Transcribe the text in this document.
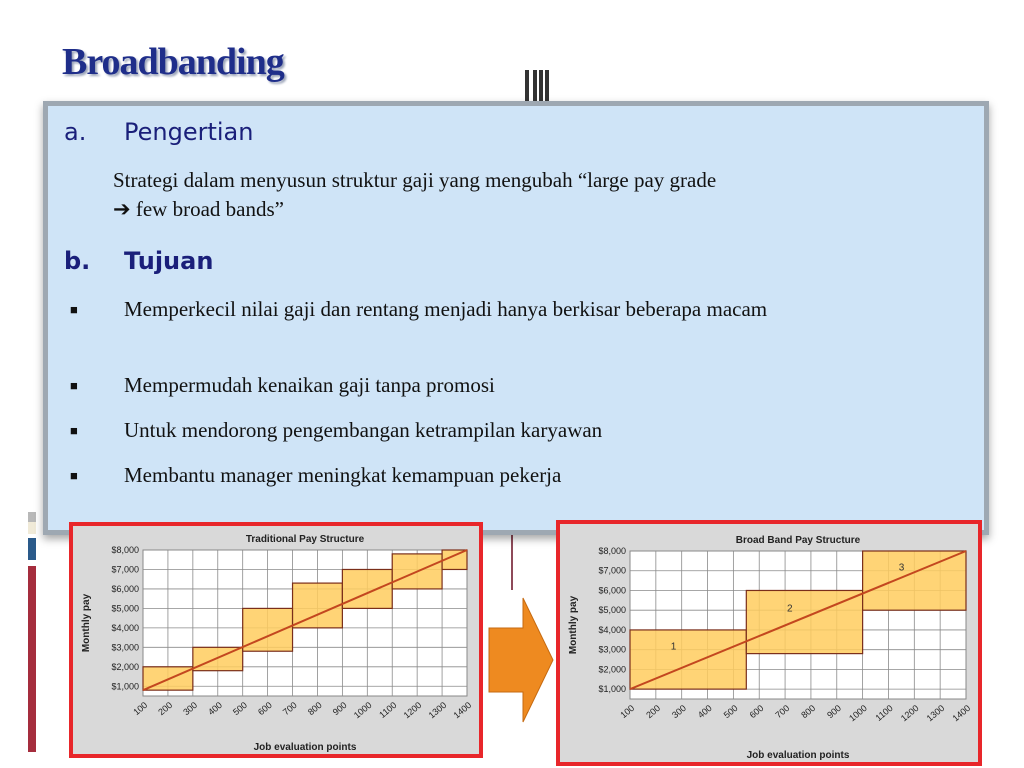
Broadbanding
a. Pengertian
Strategi dalam menyusun struktur gaji yang mengubah “large pay grade
➔ few broad bands”
b. Tujuan
■ Memperkecil nilai gaji dan rentang menjadi hanya berkisar beberapa macam
■ Mempermudah kenaikan gaji tanpa promosi
■ Untuk mendorong pengembangan ketrampilan karyawan
■ Membantu manager meningkat kemampuan pekerja
Traditional Pay Structure
$1,000
$2,000
$3,000
$4,000
$5,000
$6,000
$7,000
$8,000
100 200 300 400 500 600 700 800 900 1000 1100 1200 1300 1400
Job evaluation points
Monthly pay	1
2
3
Broad Band Pay Structure
$1,000
$2,000
$3,000
$4,000
$5,000
$6,000
$7,000
$8,000
100 200 300 400 500 600 700 800 900 1000 1100 1200 1300 1400
Job evaluation points
Monthly pay
